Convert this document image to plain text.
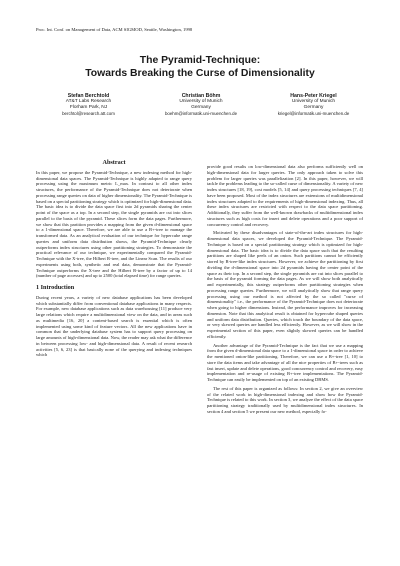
Proc. Int. Conf. on Management of Data, ACM SIGMOD, Seattle, Washington, 1998
The Pyramid-Technique:
Towards Breaking the Curse of Dimensionality
Stefan Berchtold
AT&T Labs Research
Florham Park, NJ
berchtol@research.att.com
Christian Böhm
University of Munich
Germany
boehm@informatik.uni-muenchen.de
Hans-Peter Kriegel
University of Munich
Germany
kriegel@informatik.uni-muenchen.de
Abstract

In this paper, we propose the Pyramid-Technique, a new indexing method for high-dimensional data spaces. The Pyramid-Technique is highly adapted to range query processing using the maximum metric L_max. In contrast to all other index structures, the performance of the Pyramid-Technique does not deteriorate when processing range queries on data of higher dimensionality. The Pyramid-Technique is based on a special partitioning strategy which is optimized for high-dimensional data. The basic idea is to divide the data space first into 2d pyramids sharing the center point of the space as a top. In a second step, the single pyramids are cut into slices parallel to the basis of the pyramid. These slices form the data pages. Furthermore, we show that this partition provides a mapping from the given d-dimensional space to a 1-dimensional space. Therefore, we are able to use a B+-tree to manage the transformed data. As an analytical evaluation of our technique for hypercube range queries and uniform data distribution shows, the Pyramid-Technique clearly outperforms index structures using other partitioning strategies. To demonstrate the practical relevance of our technique, we experimentally compared the Pyramid-Technique with the X-tree, the Hilbert R-tree, and the Linear Scan. The results of our experiments using both, synthetic and real data, demonstrate that the Pyramid-Technique outperforms the X-tree and the Hilbert R-tree by a factor of up to 14 (number of page accesses) and up to 2500 (total elapsed time) for range queries.

1 Introduction

During recent years, a variety of new database applications has been developed which substantially differ from conventional database applications in many respects. For example, new database applications such as data warehousing [11] produce very large relations which require a multidimensional view on the data, and in areas such as multimedia [16, 20] a content-based search is essential which is often implemented using some kind of feature vectors. All the new applications have in common that the underlying database system has to support query processing on large amounts of high-dimensional data. Now, the reader may ask what the difference in between processing low- and high-dimensional data. A result of recent research activities [5, 6, 23] is that basically none of the querying and indexing techniques which

provide good results on low-dimensional data also performs sufficiently well on high-dimensional data for larger queries. The only approach taken to solve this problem for larger queries was parallelization [2]. In this paper, however, we will tackle the problems leading to the so-called curse of dimensionality. A variety of new index structures [18, 19], cost models [5, 14] and query processing techniques [7, 4] have been proposed. Most of the index structures are extensions of multidimensional index structures adapted to the requirements of high-dimensional indexing. Thus, all these index structures are restricted with respect to the data space partitioning. Additionally, they suffer from the well-known drawbacks of multidimensional index structures such as high costs for insert and delete operations and a poor support of concurrency control and recovery.

Motivated by these disadvantages of state-of-the-art index structures for high-dimensional data spaces, we developed the Pyramid-Technique. The Pyramid-Technique is based on a special partitioning strategy which is optimized for high-dimensional data. The basic idea is to divide the data space such that the resulting partitions are shaped like peels of an onion. Such partitions cannot be efficiently stored by R-tree-like index structures. However, we achieve the partitioning by first dividing the d-dimensional space into 2d pyramids having the center point of the space as their top. In a second step, the single pyramids are cut into slices parallel to the basis of the pyramid forming the data pages. As we will show both analytically and experimentally, this strategy outperforms other partitioning strategies when processing range queries. Furthermore, we will analytically show that range query processing using our method is not affected by the so called "curse of dimensionality" i.e., the performance of the Pyramid-Technique does not deteriorate when going to higher dimensions. Instead, the performance improves for increasing dimension. Note that this analytical result is obtained for hypercube shaped queries and uniform data distribution. Queries, which touch the boundary of the data space, or very skewed queries are handled less efficiently. However, as we will show in the experimental section of this paper, even slightly skewed queries can be handled efficiently.

Another advantage of the Pyramid-Technique is the fact that we use a mapping from the given d-dimensional data space to a 1-dimensional space in order to achieve the mentioned onion-like partitioning. Therefore, we can use a B+-tree [1, 10] to store the data items and take advantage of all the nice properties of B+-trees such as fast insert, update and delete operations, good concurrency control and recovery, easy implementation and re-usage of existing B+-tree implementations. The Pyramid-Technique can easily be implemented on top of an existing DBMS.

The rest of this paper is organized as follows: In section 2, we give an overview of the related work in high-dimensional indexing and show how the Pyramid-Technique is related to this work. In section 3, we analyze the effect of the data space partitioning strategy traditionally used by multidimensional index structures. In section 4 and section 5 we present our new method, especially fo-
